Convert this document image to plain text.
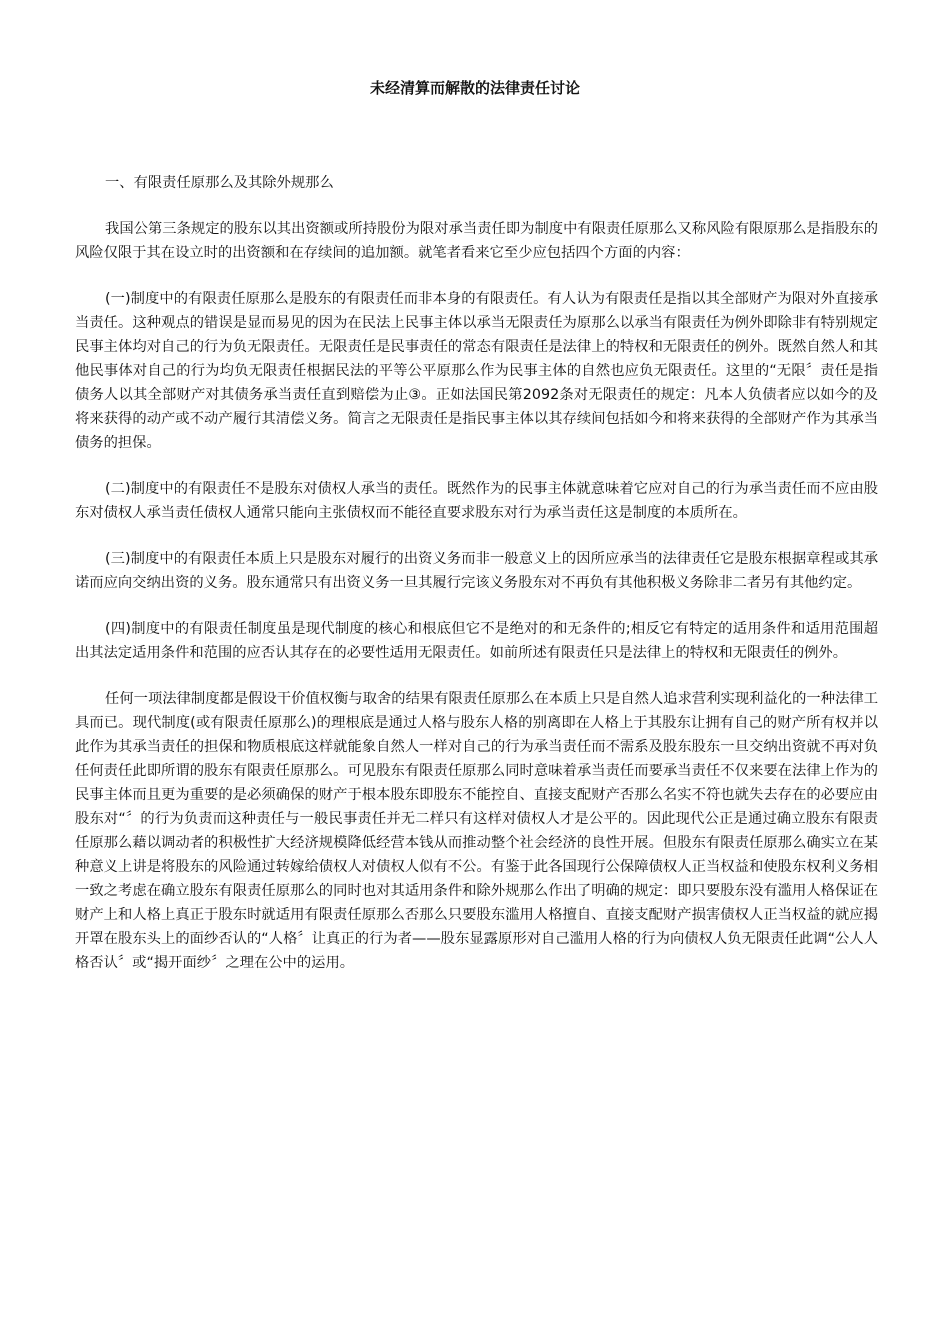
未经清算而解散的法律责任讨论

一、有限责任原那么及其除外规那么

我国公第三条规定的股东以其出资额或所持股份为限对承当责任即为制度中有限责任原那么又称风险有限原那么是指股东的风险仅限于其在设立时的出资额和在存续间的追加额。就笔者看来它至少应包括四个方面的内容：

(一)制度中的有限责任原那么是股东的有限责任而非本身的有限责任。有人认为有限责任是指以其全部财产为限对外直接承当责任。这种观点的错误是显而易见的因为在民法上民事主体以承当无限责任为原那么以承当有限责任为例外即除非有特别规定民事主体均对自己的行为负无限责任。无限责任是民事责任的常态有限责任是法律上的特权和无限责任的例外。既然自然人和其他民事体对自己的行为均负无限责任根据民法的平等公平原那么作为民事主体的自然也应负无限责任。这里的“无限〞责任是指债务人以其全部财产对其债务承当责任直到赔偿为止③。正如法国民第2092条对无限责任的规定：凡本人负债者应以如今的及将来获得的动产或不动产履行其清偿义务。简言之无限责任是指民事主体以其存续间包括如今和将来获得的全部财产作为其承当债务的担保。

(二)制度中的有限责任不是股东对债权人承当的责任。既然作为的民事主体就意味着它应对自己的行为承当责任而不应由股东对债权人承当责任债权人通常只能向主张债权而不能径直要求股东对行为承当责任这是制度的本质所在。

(三)制度中的有限责任本质上只是股东对履行的出资义务而非一般意义上的因所应承当的法律责任它是股东根据章程或其承诺而应向交纳出资的义务。股东通常只有出资义务一旦其履行完该义务股东对不再负有其他积极义务除非二者另有其他约定。

(四)制度中的有限责任制度虽是现代制度的核心和根底但它不是绝对的和无条件的;相反它有特定的适用条件和适用范围超出其法定适用条件和范围的应否认其存在的必要性适用无限责任。如前所述有限责任只是法律上的特权和无限责任的例外。

任何一项法律制度都是假设干价值权衡与取舍的结果有限责任原那么在本质上只是自然人追求营利实现利益化的一种法律工具而已。现代制度(或有限责任原那么)的理根底是通过人格与股东人格的别离即在人格上于其股东让拥有自己的财产所有权并以此作为其承当责任的担保和物质根底这样就能象自然人一样对自己的行为承当责任而不需系及股东股东一旦交纳出资就不再对负任何责任此即所谓的股东有限责任原那么。可见股东有限责任原那么同时意味着承当责任而要承当责任不仅来要在法律上作为的民事主体而且更为重要的是必须确保的财产于根本股东即股东不能控自、直接支配财产否那么名实不符也就失去存在的必要应由股东对“〞的行为负责而这种责任与一般民事责任并无二样只有这样对债权人才是公平的。因此现代公正是通过确立股东有限责任原那么藉以调动者的积极性扩大经济规模降低经营本钱从而推动整个社会经济的良性开展。但股东有限责任原那么确实立在某种意义上讲是将股东的风险通过转嫁给债权人对债权人似有不公。有鉴于此各国现行公保障债权人正当权益和使股东权利义务相一致之考虑在确立股东有限责任原那么的同时也对其适用条件和除外规那么作出了明确的规定：即只要股东没有滥用人格保证在财产上和人格上真正于股东时就适用有限责任原那么否那么只要股东滥用人格擅自、直接支配财产损害债权人正当权益的就应揭开罩在股东头上的面纱否认的“人格〞让真正的行为者——股东显露原形对自己滥用人格的行为向债权人负无限责任此调“公人人格否认〞或“揭开面纱〞之理在公中的运用。
